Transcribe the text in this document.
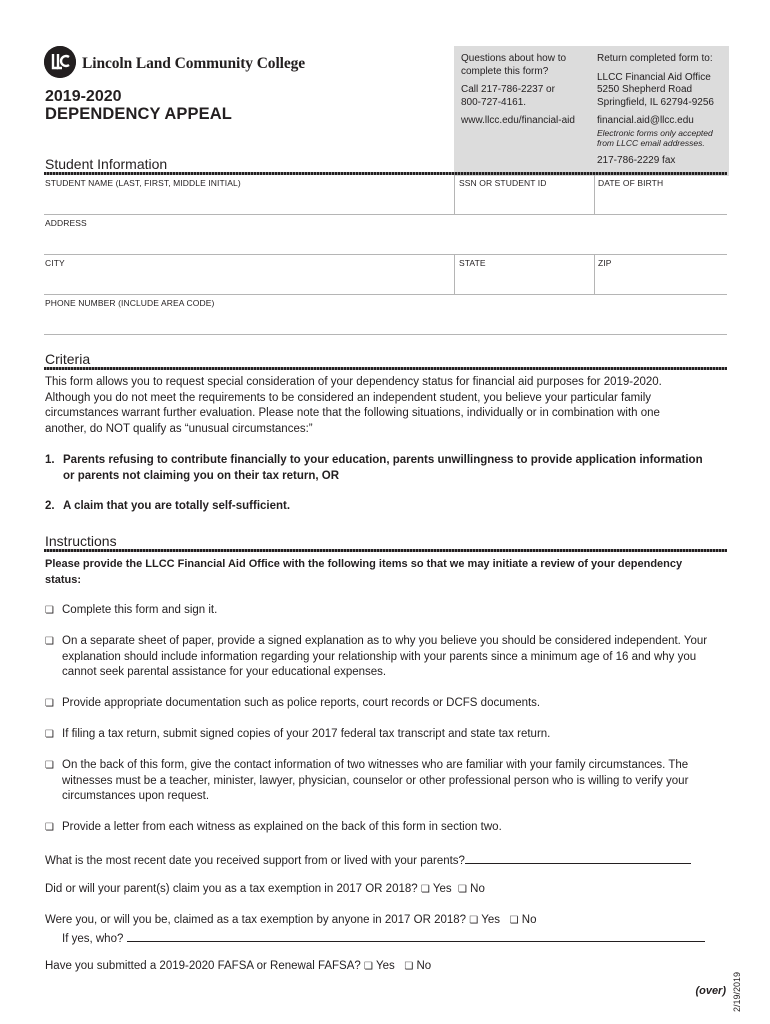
Lincoln Land Community College
2019-2020
DEPENDENCY APPEAL
Questions about how to
complete this form?
Call 217-786-2237 or
800-727-4161.
www.llcc.edu/financial-aid
Return completed form to:
LLCC Financial Aid Office
5250 Shepherd Road
Springfield, IL 62794-9256
financial.aid@llcc.edu
Electronic forms only accepted
from LLCC email addresses.
217-786-2229 fax
Student Information
STUDENT NAME (LAST, FIRST, MIDDLE INITIAL)	SSN OR STUDENT ID	DATE OF BIRTH
ADDRESS
CITY	STATE	ZIP
PHONE NUMBER (INCLUDE AREA CODE)
Criteria
This form allows you to request special consideration of your dependency status for financial aid purposes for 2019-2020.
Although you do not meet the requirements to be considered an independent student, you believe your particular family
circumstances warrant further evaluation. Please note that the following situations, individually or in combination with one
another, do NOT qualify as “unusual circumstances:”
1. Parents refusing to contribute financially to your education, parents unwillingness to provide application information
or parents not claiming you on their tax return, OR
2. A claim that you are totally self-sufficient.
Instructions
Please provide the LLCC Financial Aid Office with the following items so that we may initiate a review of your dependency
status:
❏ Complete this form and sign it.
❏ On a separate sheet of paper, provide a signed explanation as to why you believe you should be considered independent. Your
explanation should include information regarding your relationship with your parents since a minimum age of 16 and why you
cannot seek parental assistance for your educational expenses.
❏ Provide appropriate documentation such as police reports, court records or DCFS documents.
❏ If filing a tax return, submit signed copies of your 2017 federal tax transcript and state tax return.
❏ On the back of this form, give the contact information of two witnesses who are familiar with your family circumstances. The
witnesses must be a teacher, minister, lawyer, physician, counselor or other professional person who is willing to verify your
circumstances upon request.
❏ Provide a letter from each witness as explained on the back of this form in section two.
What is the most recent date you received support from or lived with your parents?
Did or will your parent(s) claim you as a tax exemption in 2017 OR 2018? ❏ Yes ❏ No
Were you, or will you be, claimed as a tax exemption by anyone in 2017 OR 2018? ❏ Yes ❏ No
If yes, who?
Have you submitted a 2019-2020 FAFSA or Renewal FAFSA? ❏ Yes ❏ No
(over) 2/19/2019
